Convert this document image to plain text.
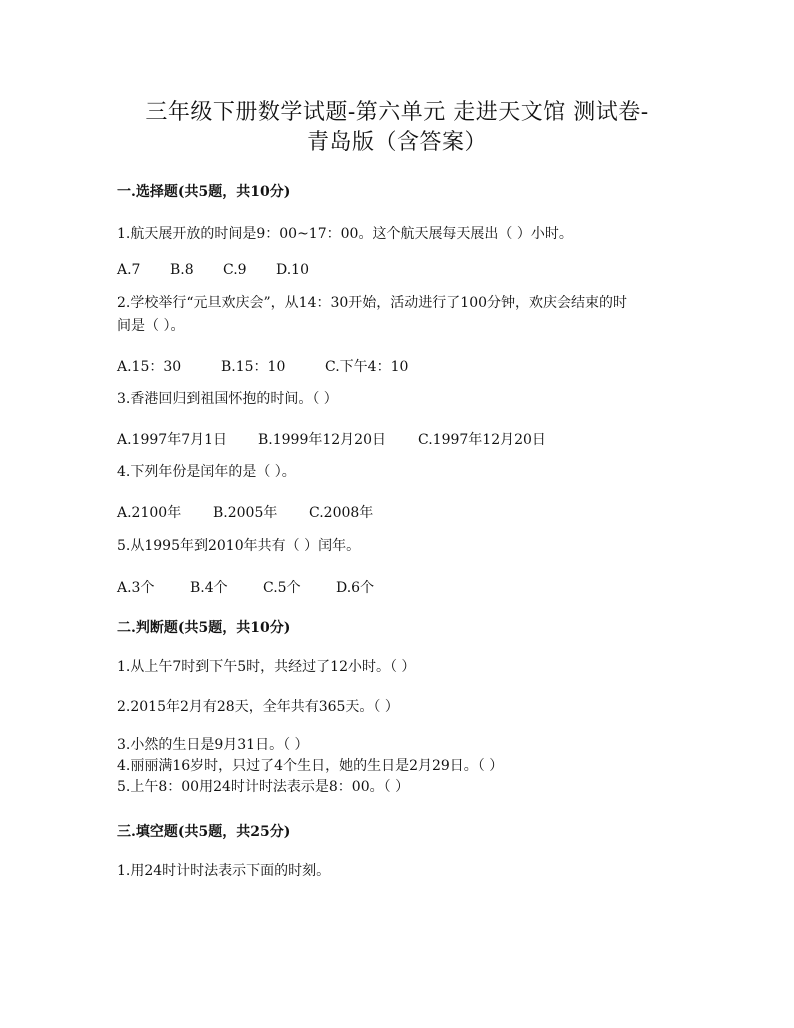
三年级下册数学试题-第六单元 走进天文馆 测试卷-
青岛版（含答案）
一.选择题(共5题，共10分)
1.航天展开放的时间是9：00~17：00。这个航天展每天展出（ ）小时。
A.7 B.8 C.9 D.10
2.学校举行“元旦欢庆会”，从14：30开始，活动进行了100分钟，欢庆会结束的时
间是（ ）。
A.15：30	B.15：10	C.下午4：10
3.香港回归到祖国怀抱的时间。（ ）
A.1997年7月1日 B.1999年12月20日 C.1997年12月20日
4.下列年份是闰年的是（ ）。
A.2100年 B.2005年 C.2008年
5.从1995年到2010年共有（ ）闰年。
A.3个	B.4个	C.5个	D.6个
二.判断题(共5题，共10分)
1.从上午7时到下午5时，共经过了12小时。（ ）
2.2015年2月有28天，全年共有365天。（ ）
3.小然的生日是9月31日。（ ）
4.丽丽满16岁时，只过了4个生日，她的生日是2月29日。（ ）
5.上午8：00用24时计时法表示是8：00。（ ）
三.填空题(共5题，共25分)
1.用24时计时法表示下面的时刻。
